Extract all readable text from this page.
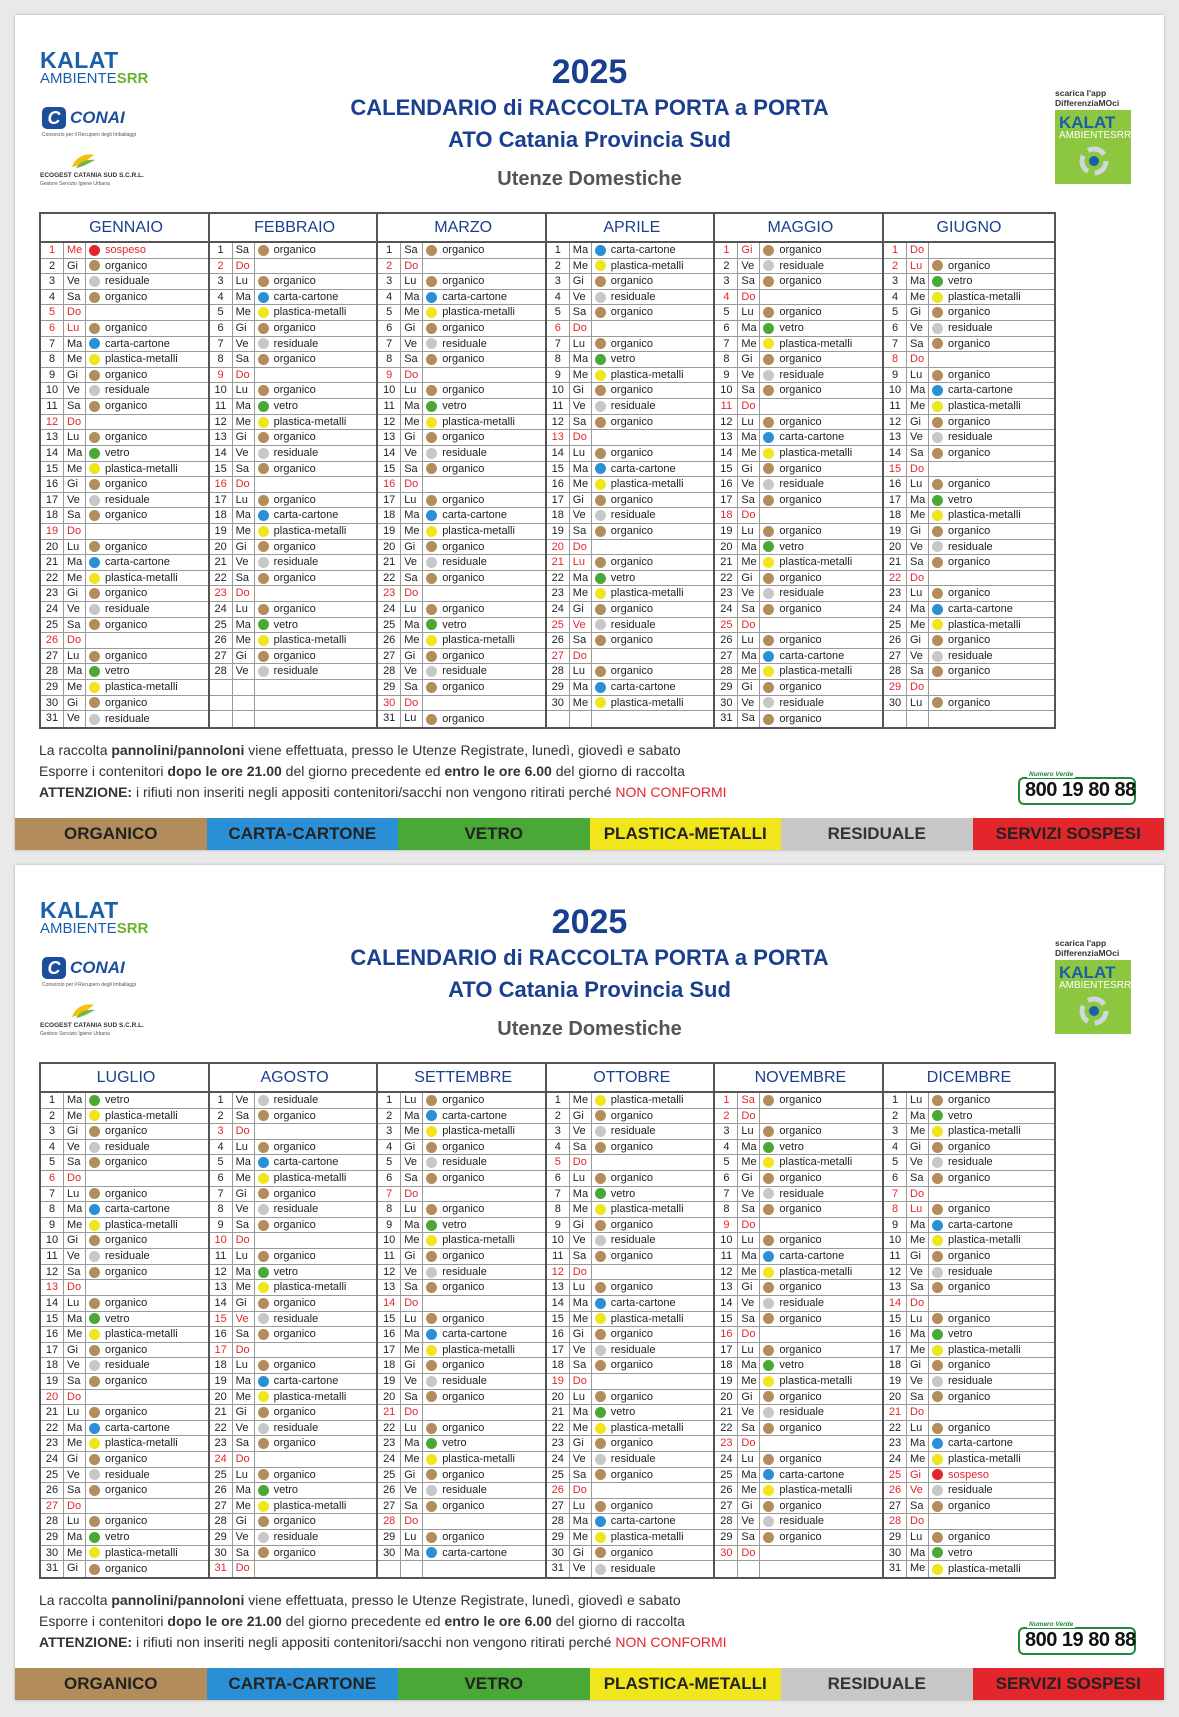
KALAT
AMBIENTESRR
C CONAI
Consorzio per il Recupero degli Imballaggi
ECOGEST CATANIA SUD S.C.R.L.
Gestore Servizio Igiene Urbana
2025
CALENDARIO di RACCOLTA PORTA a PORTA
ATO Catania Provincia Sud
Utenze Domestiche
scarica l'app
DifferenziaMOci
KALAT
AMBIENTESRR
GENNAIO
1	Me	sospeso
2	Gi	organico
3	Ve	residuale
4	Sa	organico
5	Do
6	Lu	organico
7	Ma	carta-cartone
8	Me	plastica-metalli
9	Gi	organico
10 Ve	residuale
11 Sa	organico
12 Do
13 Lu	organico
14 Ma	vetro
15 Me	plastica-metalli
16 Gi	organico
17 Ve	residuale
18 Sa	organico
19 Do
20 Lu	organico
21 Ma	carta-cartone
22 Me	plastica-metalli
23 Gi	organico
24 Ve	residuale
25 Sa	organico
26 Do
27 Lu	organico
28 Ma	vetro
29 Me	plastica-metalli
30 Gi	organico
31 Ve	residuale
FEBBRAIO
1	Sa	organico
2	Do
3	Lu	organico
4	Ma	carta-cartone
5	Me	plastica-metalli
6	Gi	organico
7	Ve	residuale
8	Sa	organico
9	Do
10 Lu	organico
11 Ma	vetro
12 Me	plastica-metalli
13 Gi	organico
14 Ve	residuale
15 Sa	organico
16 Do
17 Lu	organico
18 Ma	carta-cartone
19 Me	plastica-metalli
20 Gi	organico
21 Ve	residuale
22 Sa	organico
23 Do
24 Lu	organico
25 Ma	vetro
26 Me	plastica-metalli
27 Gi	organico
28 Ve	residuale
MARZO
1	Sa	organico
2	Do
3	Lu	organico
4	Ma	carta-cartone
5	Me	plastica-metalli
6	Gi	organico
7	Ve	residuale
8	Sa	organico
9	Do
10 Lu	organico
11 Ma	vetro
12 Me	plastica-metalli
13 Gi	organico
14 Ve	residuale
15 Sa	organico
16 Do
17 Lu	organico
18 Ma	carta-cartone
19 Me	plastica-metalli
20 Gi	organico
21 Ve	residuale
22 Sa	organico
23 Do
24 Lu	organico
25 Ma	vetro
26 Me	plastica-metalli
27 Gi	organico
28 Ve	residuale
29 Sa	organico
30 Do
31 Lu	organico
APRILE
1	Ma	carta-cartone
2	Me	plastica-metalli
3	Gi	organico
4	Ve	residuale
5	Sa	organico
6	Do
7	Lu	organico
8	Ma	vetro
9	Me	plastica-metalli
10 Gi	organico
11 Ve	residuale
12 Sa	organico
13 Do
14 Lu	organico
15 Ma	carta-cartone
16 Me	plastica-metalli
17 Gi	organico
18 Ve	residuale
19 Sa	organico
20 Do
21 Lu	organico
22 Ma	vetro
23 Me	plastica-metalli
24 Gi	organico
25 Ve	residuale
26 Sa	organico
27 Do
28 Lu	organico
29 Ma	carta-cartone
30 Me	plastica-metalli
MAGGIO
1	Gi	organico
2	Ve	residuale
3	Sa	organico
4	Do
5	Lu	organico
6	Ma	vetro
7	Me	plastica-metalli
8	Gi	organico
9	Ve	residuale
10 Sa	organico
11 Do
12 Lu	organico
13 Ma	carta-cartone
14 Me	plastica-metalli
15 Gi	organico
16 Ve	residuale
17 Sa	organico
18 Do
19 Lu	organico
20 Ma	vetro
21 Me	plastica-metalli
22 Gi	organico
23 Ve	residuale
24 Sa	organico
25 Do
26 Lu	organico
27 Ma	carta-cartone
28 Me	plastica-metalli
29 Gi	organico
30 Ve	residuale
31 Sa	organico
GIUGNO
1	Do
2	Lu	organico
3	Ma	vetro
4	Me	plastica-metalli
5	Gi	organico
6	Ve	residuale
7	Sa	organico
8	Do
9	Lu	organico
10 Ma	carta-cartone
11 Me	plastica-metalli
12 Gi	organico
13 Ve	residuale
14 Sa	organico
15 Do
16 Lu	organico
17 Ma	vetro
18 Me	plastica-metalli
19 Gi	organico
20 Ve	residuale
21 Sa	organico
22 Do
23 Lu	organico
24 Ma	carta-cartone
25 Me	plastica-metalli
26 Gi	organico
27 Ve	residuale
28 Sa	organico
29 Do
30 Lu	organico
La raccolta pannolini/pannoloni viene effettuata, presso le Utenze Registrate, lunedì, giovedì e sabato
Esporre i contenitori dopo le ore 21.00 del giorno precedente ed entro le ore 6.00 del giorno di raccolta
ATTENZIONE: i rifiuti non inseriti negli appositi contenitori/sacchi non vengono ritirati perché NON CONFORMI
Numero Verde
800 19 80 88
ORGANICO	CARTA-CARTONE	VETRO	PLASTICA-METALLI	RESIDUALE	SERVIZI SOSPESI
KALAT
AMBIENTESRR
C CONAI
Consorzio per il Recupero degli Imballaggi
ECOGEST CATANIA SUD S.C.R.L.
Gestore Servizio Igiene Urbana
2025
CALENDARIO di RACCOLTA PORTA a PORTA
ATO Catania Provincia Sud
Utenze Domestiche
scarica l'app
DifferenziaMOci
KALAT
AMBIENTESRR
LUGLIO
1	Ma	vetro
2	Me	plastica-metalli
3	Gi	organico
4	Ve	residuale
5	Sa	organico
6	Do
7	Lu	organico
8	Ma	carta-cartone
9	Me	plastica-metalli
10 Gi	organico
11 Ve	residuale
12 Sa	organico
13 Do
14 Lu	organico
15 Ma	vetro
16 Me	plastica-metalli
17 Gi	organico
18 Ve	residuale
19 Sa	organico
20 Do
21 Lu	organico
22 Ma	carta-cartone
23 Me	plastica-metalli
24 Gi	organico
25 Ve	residuale
26 Sa	organico
27 Do
28 Lu	organico
29 Ma	vetro
30 Me	plastica-metalli
31 Gi	organico
AGOSTO
1	Ve	residuale
2	Sa	organico
3	Do
4	Lu	organico
5	Ma	carta-cartone
6	Me	plastica-metalli
7	Gi	organico
8	Ve	residuale
9	Sa	organico
10 Do
11 Lu	organico
12 Ma	vetro
13 Me	plastica-metalli
14 Gi	organico
15 Ve	residuale
16 Sa	organico
17 Do
18 Lu	organico
19 Ma	carta-cartone
20 Me	plastica-metalli
21 Gi	organico
22 Ve	residuale
23 Sa	organico
24 Do
25 Lu	organico
26 Ma	vetro
27 Me	plastica-metalli
28 Gi	organico
29 Ve	residuale
30 Sa	organico
31 Do
SETTEMBRE
1	Lu	organico
2	Ma	carta-cartone
3	Me	plastica-metalli
4	Gi	organico
5	Ve	residuale
6	Sa	organico
7	Do
8	Lu	organico
9	Ma	vetro
10 Me	plastica-metalli
11 Gi	organico
12 Ve	residuale
13 Sa	organico
14 Do
15 Lu	organico
16 Ma	carta-cartone
17 Me	plastica-metalli
18 Gi	organico
19 Ve	residuale
20 Sa	organico
21 Do
22 Lu	organico
23 Ma	vetro
24 Me	plastica-metalli
25 Gi	organico
26 Ve	residuale
27 Sa	organico
28 Do
29 Lu	organico
30 Ma	carta-cartone
OTTOBRE
1	Me	plastica-metalli
2	Gi	organico
3	Ve	residuale
4	Sa	organico
5	Do
6	Lu	organico
7	Ma	vetro
8	Me	plastica-metalli
9	Gi	organico
10 Ve	residuale
11 Sa	organico
12 Do
13 Lu	organico
14 Ma	carta-cartone
15 Me	plastica-metalli
16 Gi	organico
17 Ve	residuale
18 Sa	organico
19 Do
20 Lu	organico
21 Ma	vetro
22 Me	plastica-metalli
23 Gi	organico
24 Ve	residuale
25 Sa	organico
26 Do
27 Lu	organico
28 Ma	carta-cartone
29 Me	plastica-metalli
30 Gi	organico
31 Ve	residuale
NOVEMBRE
1	Sa	organico
2	Do
3	Lu	organico
4	Ma	vetro
5	Me	plastica-metalli
6	Gi	organico
7	Ve	residuale
8	Sa	organico
9	Do
10 Lu	organico
11 Ma	carta-cartone
12 Me	plastica-metalli
13 Gi	organico
14 Ve	residuale
15 Sa	organico
16 Do
17 Lu	organico
18 Ma	vetro
19 Me	plastica-metalli
20 Gi	organico
21 Ve	residuale
22 Sa	organico
23 Do
24 Lu	organico
25 Ma	carta-cartone
26 Me	plastica-metalli
27 Gi	organico
28 Ve	residuale
29 Sa	organico
30 Do
DICEMBRE
1	Lu	organico
2	Ma	vetro
3	Me	plastica-metalli
4	Gi	organico
5	Ve	residuale
6	Sa	organico
7	Do
8	Lu	organico
9	Ma	carta-cartone
10 Me	plastica-metalli
11 Gi	organico
12 Ve	residuale
13 Sa	organico
14 Do
15 Lu	organico
16 Ma	vetro
17 Me	plastica-metalli
18 Gi	organico
19 Ve	residuale
20 Sa	organico
21 Do
22 Lu	organico
23 Ma	carta-cartone
24 Me	plastica-metalli
25 Gi	sospeso
26 Ve	residuale
27 Sa	organico
28 Do
29 Lu	organico
30 Ma	vetro
31 Me	plastica-metalli
La raccolta pannolini/pannoloni viene effettuata, presso le Utenze Registrate, lunedì, giovedì e sabato
Esporre i contenitori dopo le ore 21.00 del giorno precedente ed entro le ore 6.00 del giorno di raccolta
ATTENZIONE: i rifiuti non inseriti negli appositi contenitori/sacchi non vengono ritirati perché NON CONFORMI
Numero Verde
800 19 80 88
ORGANICO	CARTA-CARTONE	VETRO	PLASTICA-METALLI	RESIDUALE	SERVIZI SOSPESI
